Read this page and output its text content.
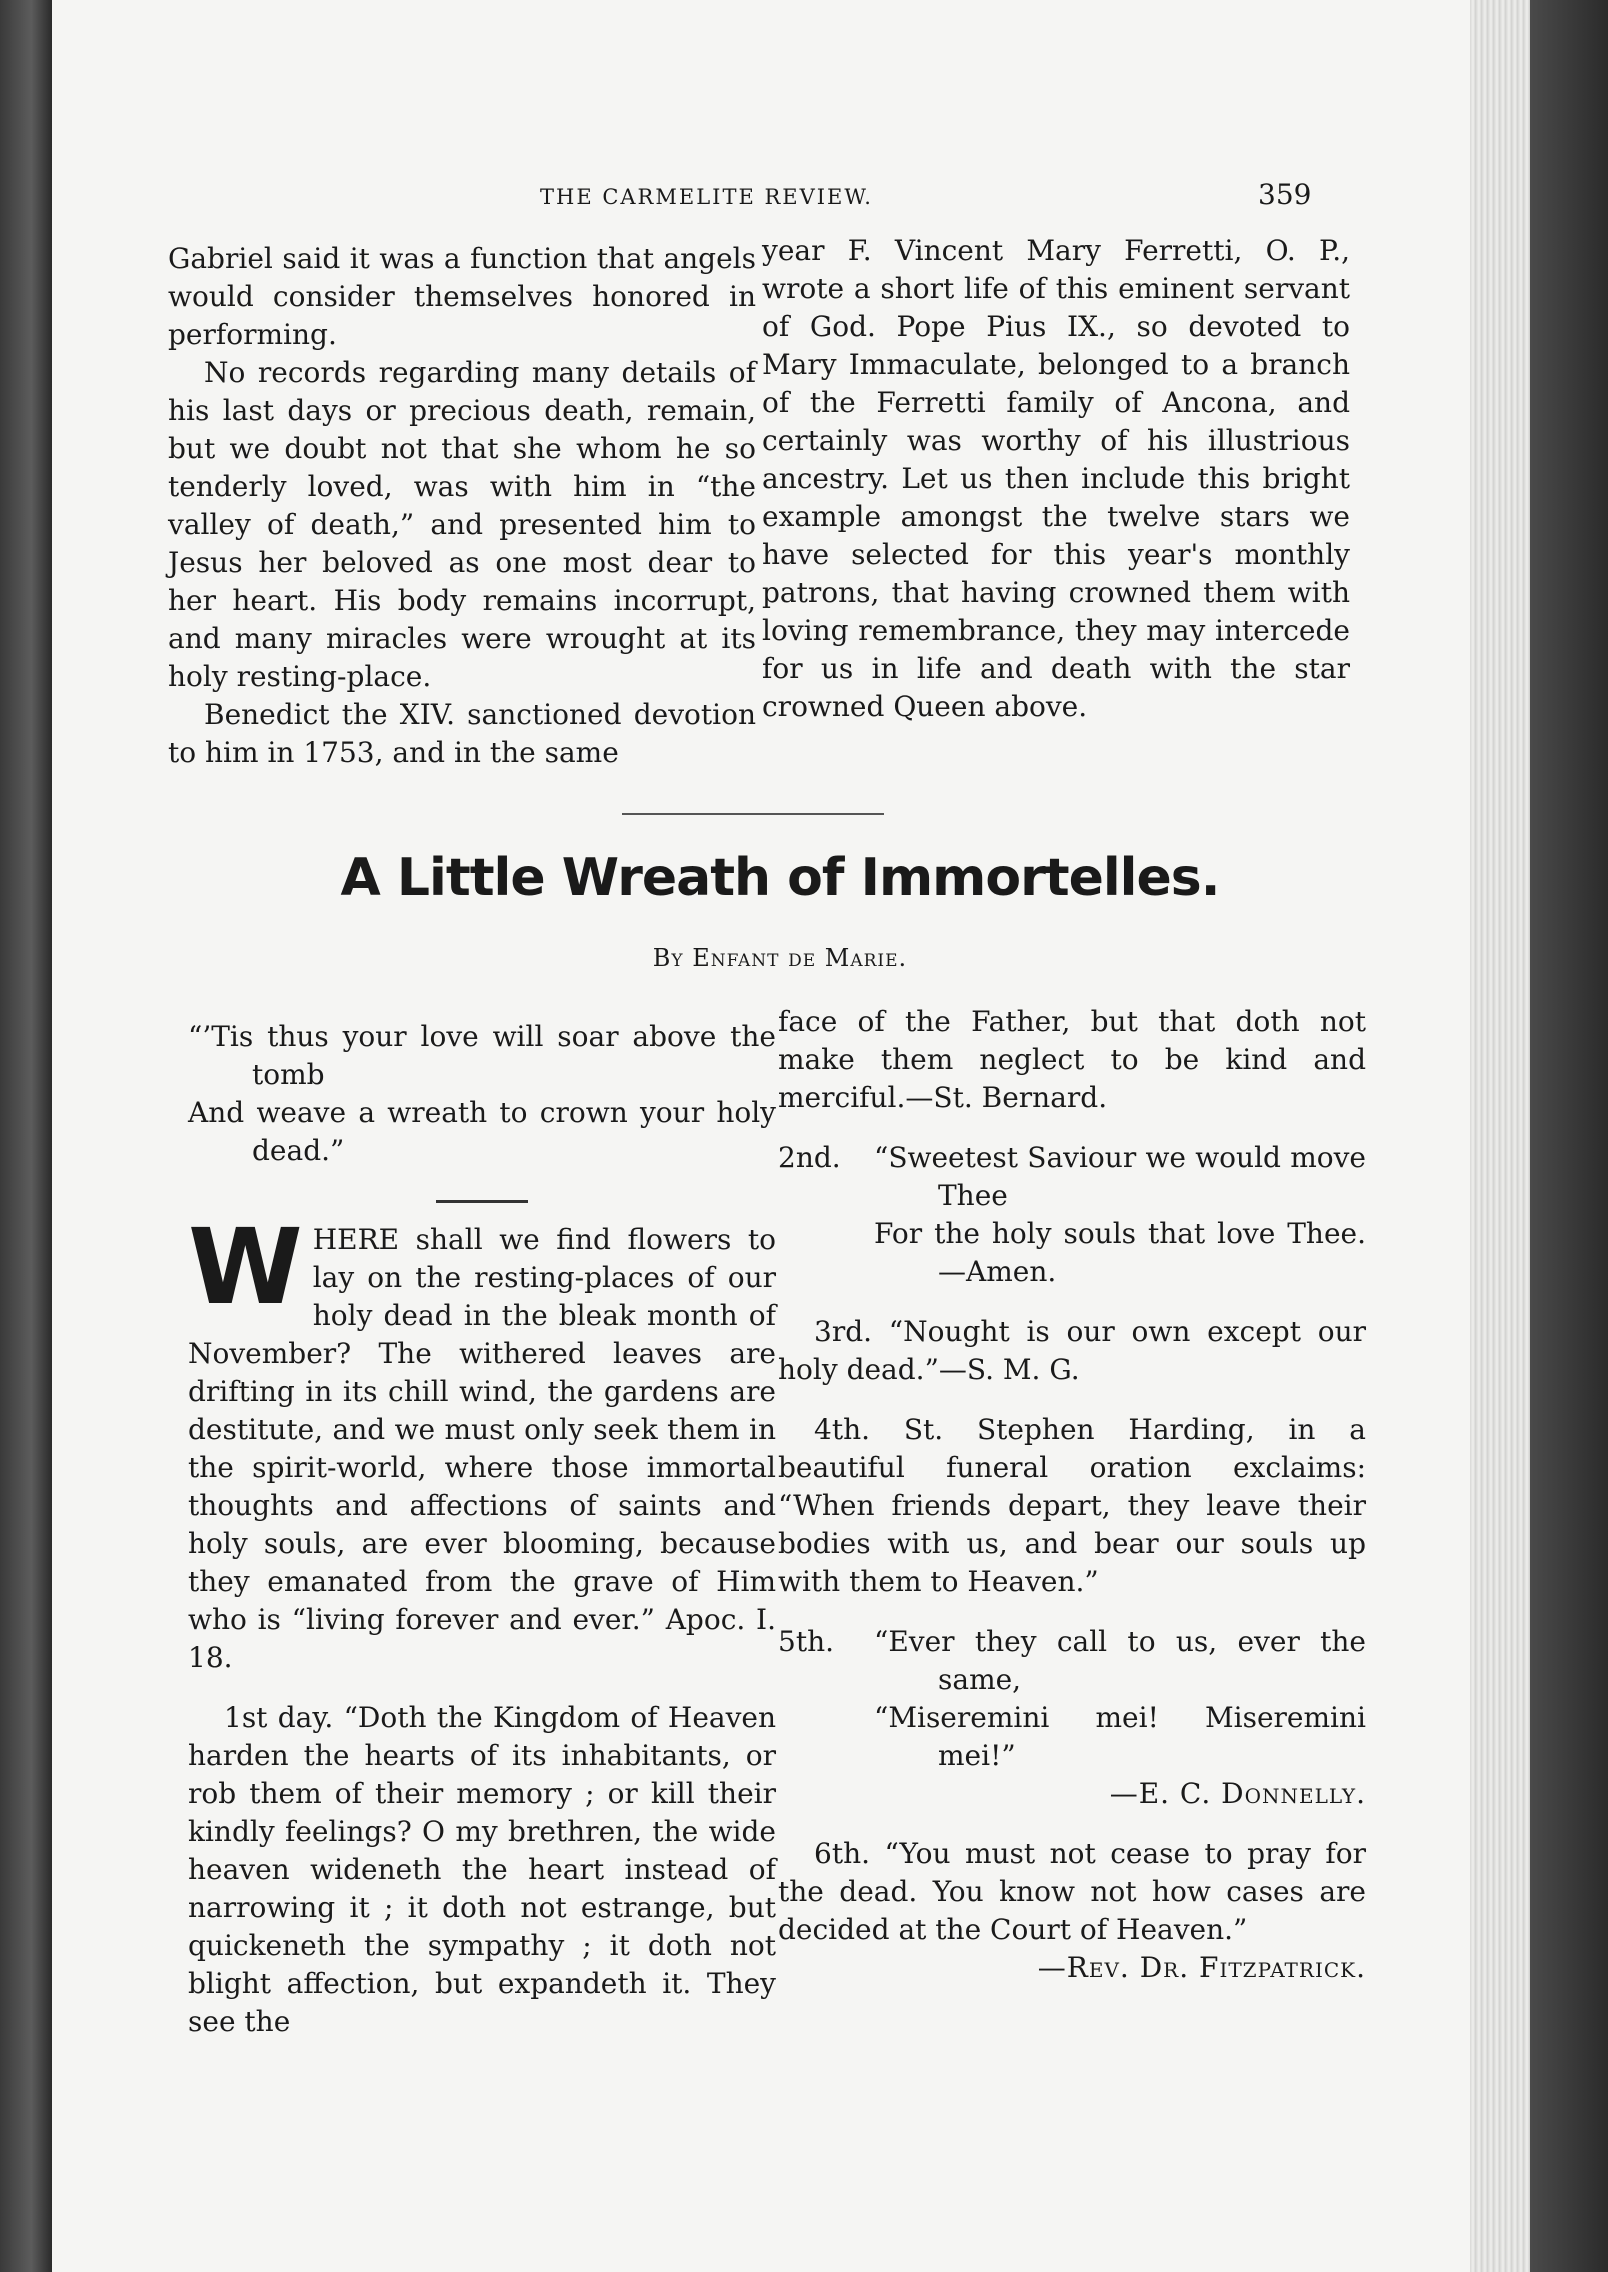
THE CARMELITE REVIEW.	359

Gabriel said it was a function that angels would consider themselves honored in performing.

No records regarding many details of his last days or precious death, remain, but we doubt not that she whom he so tenderly loved, was with him in “the valley of death,” and presented him to Jesus her beloved as one most dear to her heart. His body remains incorrupt, and many miracles were wrought at its holy resting-place.

Benedict the XIV. sanctioned devotion to him in 1753, and in the same

year F. Vincent Mary Ferretti, O. P., wrote a short life of this eminent servant of God. Pope Pius IX., so devoted to Mary Immaculate, belonged to a branch of the Ferretti family of Ancona, and certainly was worthy of his illustrious ancestry. Let us then include this bright example amongst the twelve stars we have selected for this year's monthly patrons, that having crowned them with loving remembrance, they may intercede for us in life and death with the star crowned Queen above.

A Little Wreath of Immortelles.
By Enfant de Marie.

“’Tis thus your love will soar above the tomb

And weave a wreath to crown your holy dead.”

WHERE shall we find flowers to lay on the resting-places of our holy dead in the bleak month of November? The withered leaves are drifting in its chill wind, the gardens are destitute, and we must only seek them in the spirit-world, where those immortal thoughts and affections of saints and holy souls, are ever blooming, because they emanated from the grave of Him who is “living forever and ever.” Apoc. I. 18.

1st day. “Doth the Kingdom of Heaven harden the hearts of its inhabitants, or rob them of their memory ; or kill their kindly feelings? O my brethren, the wide heaven wideneth the heart instead of narrowing it ; it doth not estrange, but quickeneth the sympathy ; it doth not blight affection, but expandeth it. They see the

face of the Father, but that doth not make them neglect to be kind and merciful.—St. Bernard.

2nd.	“Sweetest Saviour we would move Thee

For the holy souls that love Thee.—Amen.

3rd. “Nought is our own except our holy dead.”—S. M. G.

4th. St. Stephen Harding, in a beautiful funeral oration exclaims: “When friends depart, they leave their bodies with us, and bear our souls up with them to Heaven.”

5th.	“Ever they call to us, ever the same,

“Miseremini mei! Miseremini mei!”

—E. C. Donnelly.

6th. “You must not cease to pray for the dead. You know not how cases are decided at the Court of Heaven.”

—Rev. Dr. Fitzpatrick.
